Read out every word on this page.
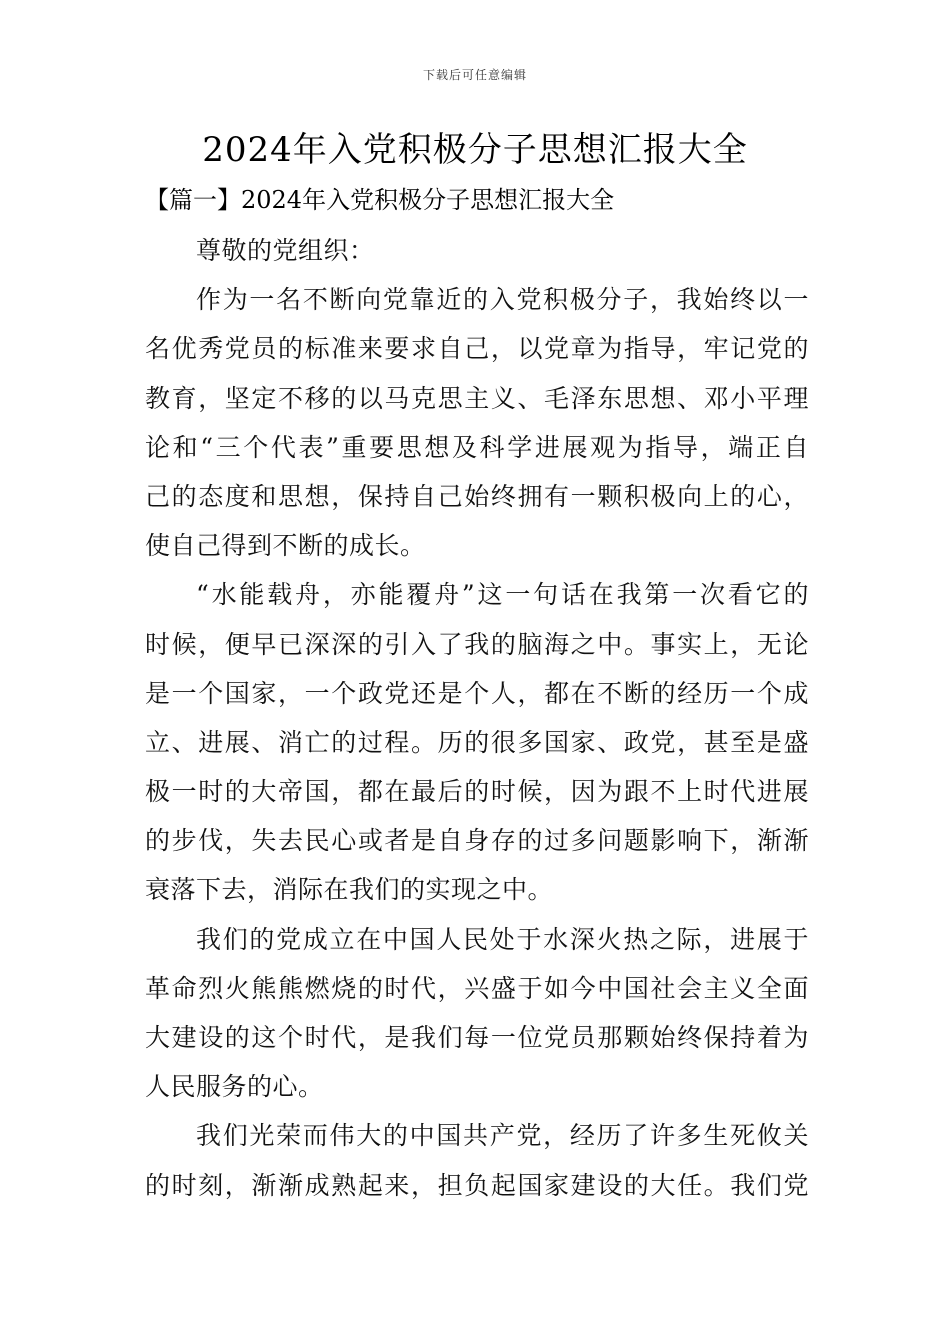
下载后可任意编辑
2024年入党积极分子思想汇报大全
【篇一】2024年入党积极分子思想汇报大全
尊敬的党组织：
作为一名不断向党靠近的入党积极分子，我始终以一
名优秀党员的标准来要求自己，以党章为指导，牢记党的
教育，坚定不移的以马克思主义、毛泽东思想、邓小平理
论和“三个代表”重要思想及科学进展观为指导，端正自
己的态度和思想，保持自己始终拥有一颗积极向上的心，
使自己得到不断的成长。
“水能载舟，亦能覆舟”这一句话在我第一次看它的
时候，便早已深深的引入了我的脑海之中。事实上，无论
是一个国家，一个政党还是个人，都在不断的经历一个成
立、进展、消亡的过程。历的很多国家、政党，甚至是盛
极一时的大帝国，都在最后的时候，因为跟不上时代进展
的步伐，失去民心或者是自身存的过多问题影响下，渐渐
衰落下去，消际在我们的实现之中。
我们的党成立在中国人民处于水深火热之际，进展于
革命烈火熊熊燃烧的时代，兴盛于如今中国社会主义全面
大建设的这个时代，是我们每一位党员那颗始终保持着为
人民服务的心。
我们光荣而伟大的中国共产党，经历了许多生死攸关
的时刻，渐渐成熟起来，担负起国家建设的大任。我们党
